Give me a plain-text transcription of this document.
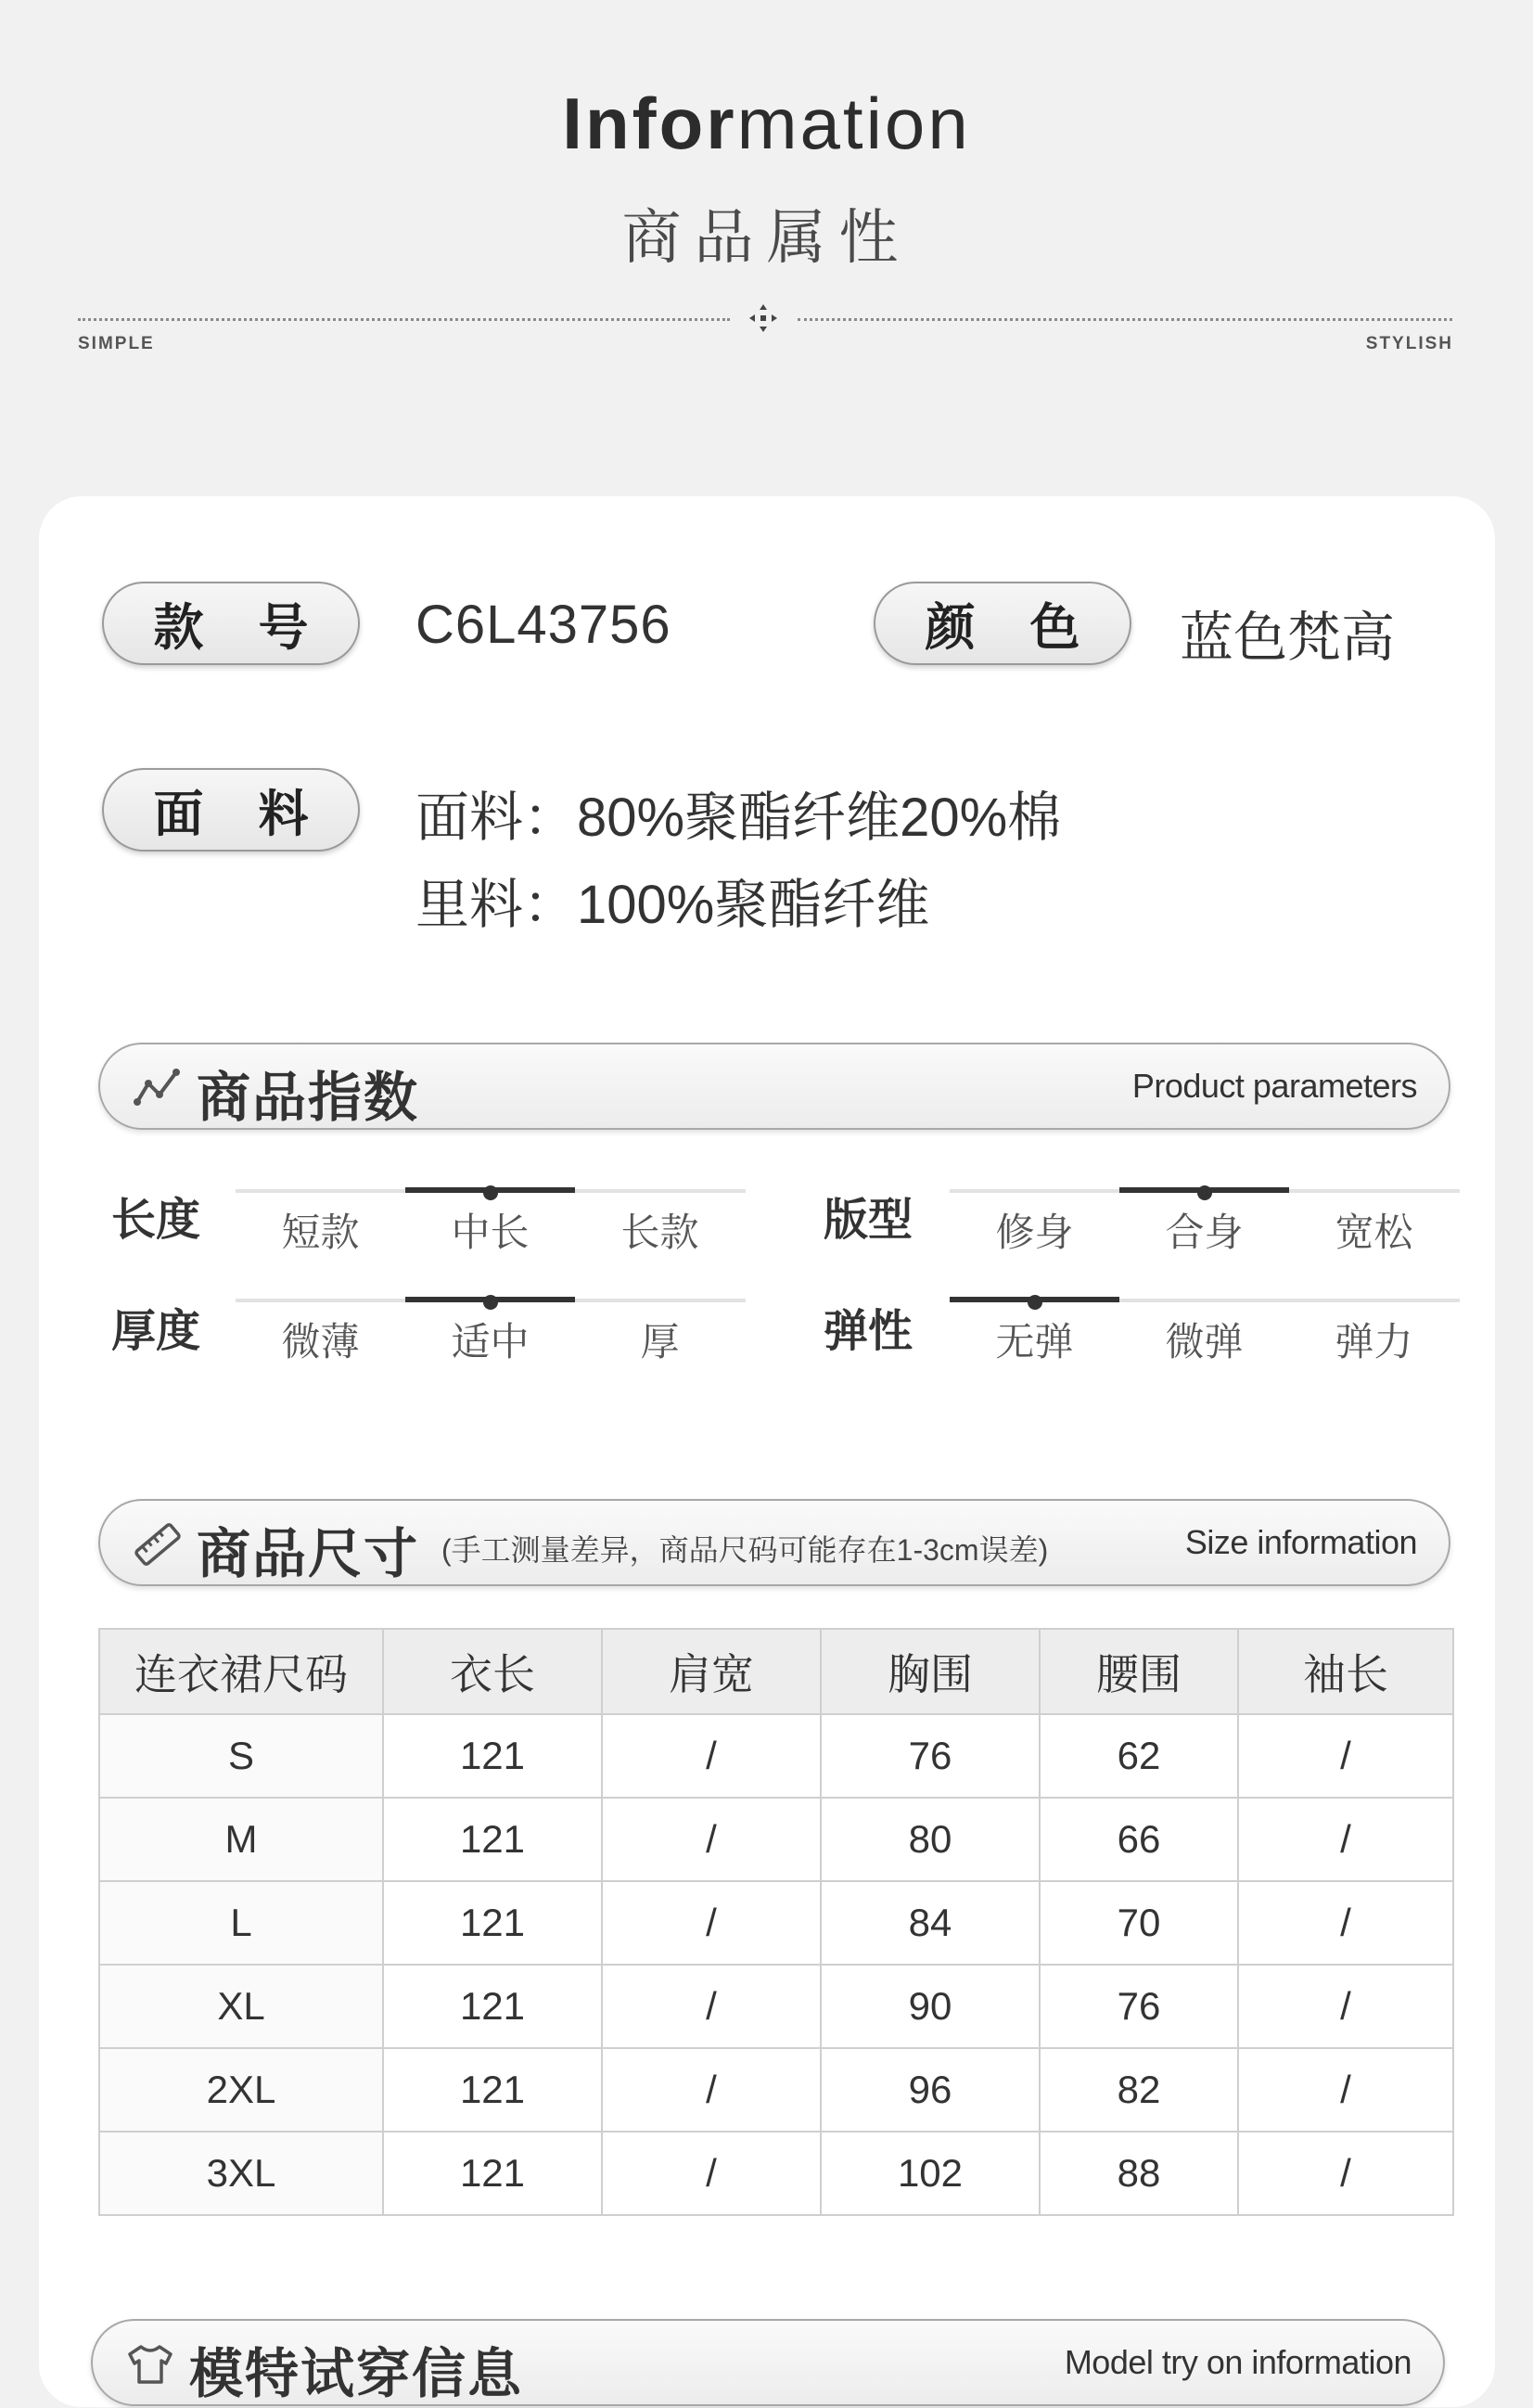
Information
商品属性
SIMPLE	STYLISH
款 号	C6L43756	颜 色	蓝色梵高
面 料	面料：80%聚酯纤维20%棉
里料：100%聚酯纤维
商品指数	Product parameters
长度	短款	中长	长款	版型	修身	合身	宽松
厚度	微薄	适中	厚	弹性	无弹	微弹	弹力
商品尺寸 (手工测量差异，商品尺码可能存在1-3cm误差)	Size information
连衣裙尺码	衣长	肩宽	胸围	腰围	袖长
S	121	/	76	62	/
M	121	/	80	66	/
L	121	/	84	70	/
XL	121	/	90	76	/
2XL	121	/	96	82	/
3XL	121	/	102	88	/
模特试穿信息	Model try on information
